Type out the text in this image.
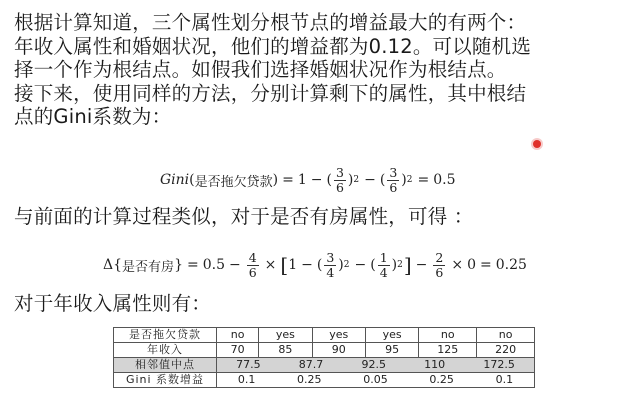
根据计算知道，三个属性划分根节点的增益最大的有两个：
年收入属性和婚姻状况，他们的增益都为0.12。可以随机选
择一个作为根结点。如假我们选择婚姻状况作为根结点。
接下来，使用同样的方法，分别计算剩下的属性，其中根结
点的Gini系数为：
Gini ( 是否拖欠贷款 ) = 1 − ( $\frac{3}{6}$ ) 2 − ( $\frac{3}{6}$ ) 2 = 0.5
与前面的计算过程类似，对于是否有房属性，可得 ：
Δ { 是否有房 } = $0.5 - \frac{4}{6}$ × [ 1 − ( $\frac{3}{4}$ ) 2 − ( $\frac{1}{4}$ ) 2 ] − $\frac{2}{6} \times 0 = 0.25$
对于年收入属性则有：
是否拖欠贷款	no	yes	yes	yes	no	no
年收入	70	85	90	95	125	220
相邻值中点	77.5 87.7 92.5 110 172.5					

Gini 系数增益	0.1 0.25 0.05 0.25 0.1					
